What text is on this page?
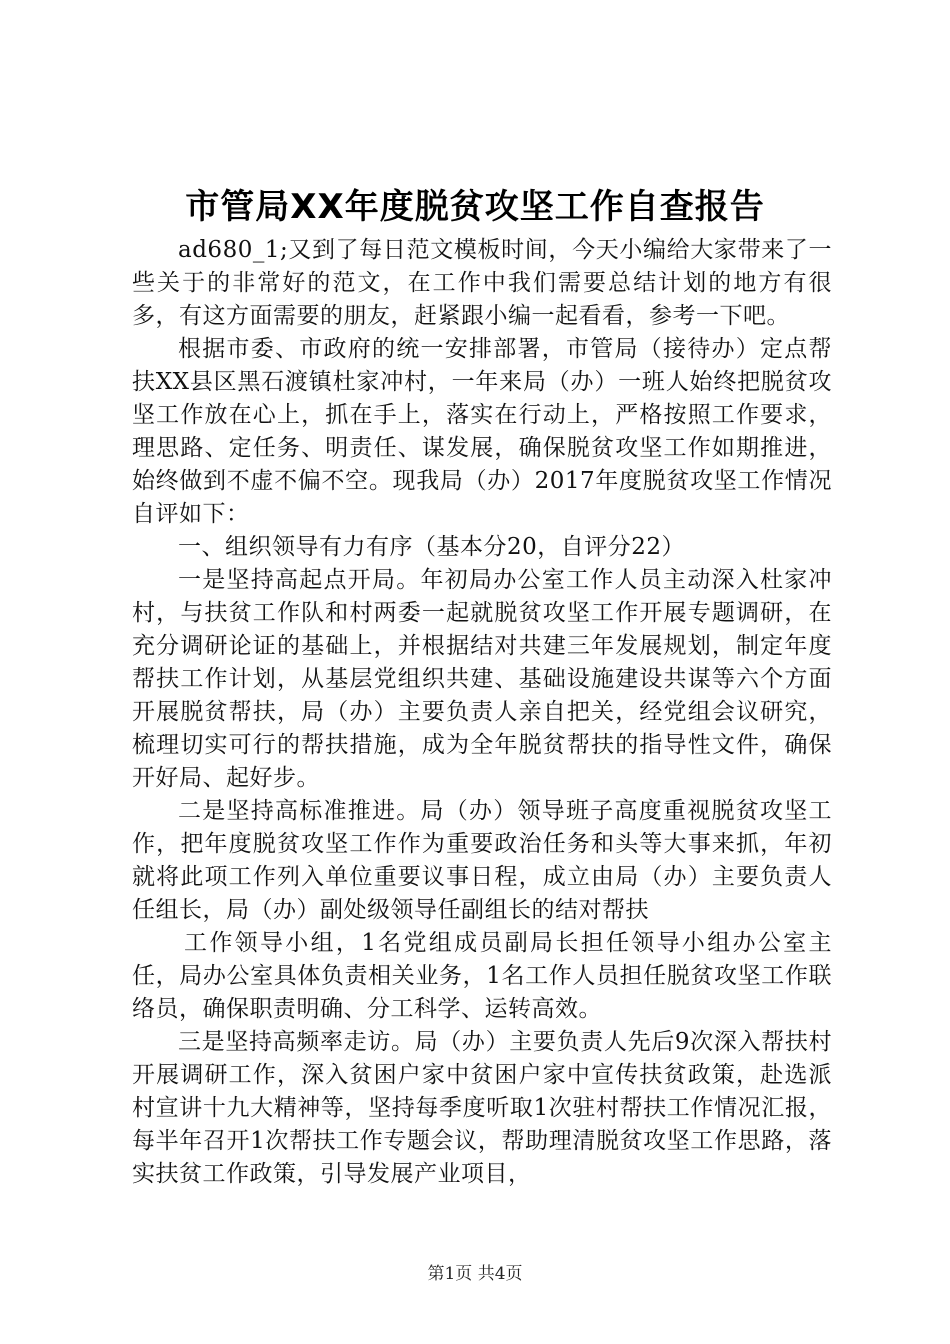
市管局XX年度脱贫攻坚工作自查报告

ad680_1;又到了每日范文模板时间，今天小编给大家带来了一些关于的非常好的范文，在工作中我们需要总结计划的地方有很多，有这方面需要的朋友，赶紧跟小编一起看看，参考一下吧。

根据市委、市政府的统一安排部署，市管局（接待办）定点帮扶XX县区黑石渡镇杜家冲村，一年来局（办）一班人始终把脱贫攻坚工作放在心上，抓在手上，落实在行动上，严格按照工作要求，理思路、定任务、明责任、谋发展，确保脱贫攻坚工作如期推进，始终做到不虚不偏不空。现我局（办）2017年度脱贫攻坚工作情况自评如下：

一、组织领导有力有序（基本分20，自评分22）

一是坚持高起点开局。年初局办公室工作人员主动深入杜家冲村，与扶贫工作队和村两委一起就脱贫攻坚工作开展专题调研，在充分调研论证的基础上，并根据结对共建三年发展规划，制定年度帮扶工作计划，从基层党组织共建、基础设施建设共谋等六个方面开展脱贫帮扶，局（办）主要负责人亲自把关，经党组会议研究，梳理切实可行的帮扶措施，成为全年脱贫帮扶的指导性文件，确保开好局、起好步。

二是坚持高标准推进。局（办）领导班子高度重视脱贫攻坚工作，把年度脱贫攻坚工作作为重要政治任务和头等大事来抓，年初就将此项工作列入单位重要议事日程，成立由局（办）主要负责人任组长，局（办）副处级领导任副组长的结对帮扶

工作领导小组，1名党组成员副局长担任领导小组办公室主任，局办公室具体负责相关业务，1名工作人员担任脱贫攻坚工作联络员，确保职责明确、分工科学、运转高效。

三是坚持高频率走访。局（办）主要负责人先后9次深入帮扶村开展调研工作，深入贫困户家中贫困户家中宣传扶贫政策，赴选派村宣讲十九大精神等，坚持每季度听取1次驻村帮扶工作情况汇报，每半年召开1次帮扶工作专题会议，帮助理清脱贫攻坚工作思路，落实扶贫工作政策，引导发展产业项目，

第1页 共4页
